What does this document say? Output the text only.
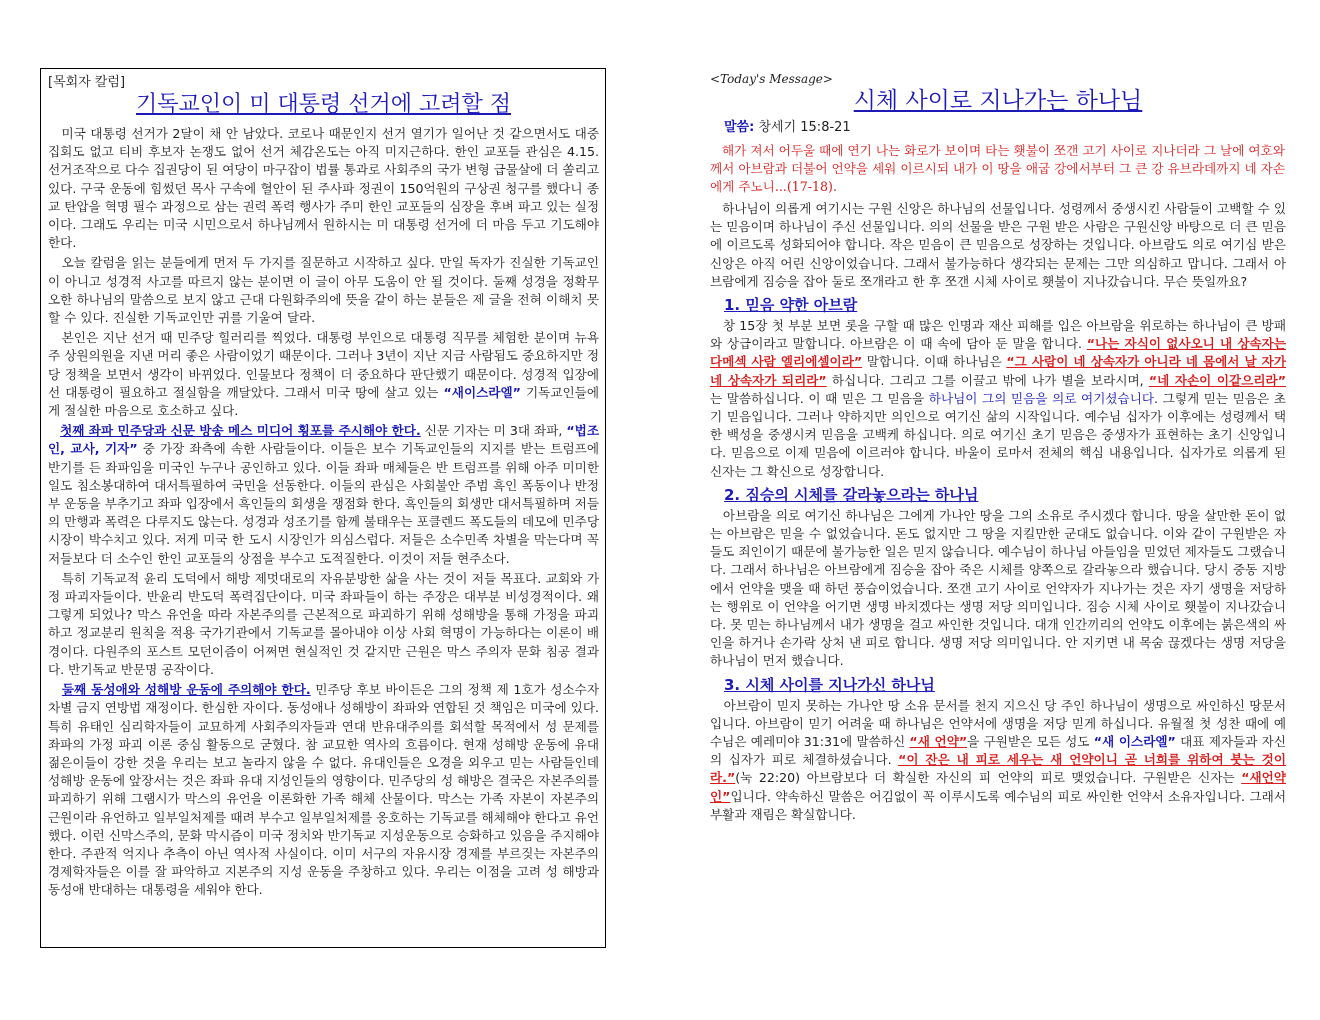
[목회자 칼럼]
기독교인이 미 대통령 선거에 고려할 점

미국 대통령 선거가 2달이 채 안 남았다. 코로나 때문인지 선거 열기가 일어난 것 같으면서도 대중 집회도 없고 티비 후보자 논쟁도 없어 선거 체감온도는 아직 미지근하다. 한인 교포들 관심은 4.15. 선거조작으로 다수 집권당이 된 여당이 마구잡이 법률 통과로 사회주의 국가 변형 급물살에 더 쏠리고 있다. 구국 운동에 힘썼던 목사 구속에 혈안이 된 주사파 정권이 150억원의 구상권 청구를 했다니 종교 탄압을 혁명 필수 과정으로 삼는 권력 폭력 행사가 주미 한인 교포들의 심장을 후벼 파고 있는 실정이다. 그래도 우리는 미국 시민으로서 하나님께서 원하시는 미 대통령 선거에 더 마음 두고 기도해야 한다.

오늘 칼럼을 읽는 분들에게 먼저 두 가지를 질문하고 시작하고 싶다. 만일 독자가 진실한 기독교인이 아니고 성경적 사고를 따르지 않는 분이면 이 글이 아무 도움이 안 될 것이다. 둘째 성경을 정확무오한 하나님의 말씀으로 보지 않고 근대 다원화주의에 뜻을 같이 하는 분들은 제 글을 전혀 이해치 못할 수 있다. 진실한 기독교인만 귀를 기울여 달라.

본인은 지난 선거 때 민주당 힐러리를 찍었다. 대통령 부인으로 대통령 직무를 체험한 분이며 뉴욕주 상원의원을 지낸 머리 좋은 사람이었기 때문이다. 그러나 3년이 지난 지금 사람됨도 중요하지만 정당 정책을 보면서 생각이 바뀌었다. 인물보다 정책이 더 중요하다 판단했기 때문이다. 성경적 입장에 선 대통령이 필요하고 절실함을 깨달았다. 그래서 미국 땅에 살고 있는 “새이스라엘” 기독교인들에게 절실한 마음으로 호소하고 싶다.

첫째 좌파 민주당과 신문 방송 메스 미디어 횡포를 주시해야 한다. 신문 기자는 미 3대 좌파, “법조인, 교사, 기자” 중 가장 좌측에 속한 사람들이다. 이들은 보수 기독교인들의 지지를 받는 트럼프에 반기를 든 좌파임을 미국인 누구나 공인하고 있다. 이들 좌파 매체들은 반 트럼프를 위해 아주 미미한 일도 침소봉대하여 대서특필하여 국민을 선동한다. 이들의 관심은 사회불안 주범 흑인 폭동이나 반정부 운동을 부추기고 좌파 입장에서 흑인들의 회생을 쟁점화 한다. 흑인들의 회생만 대서특필하며 저들의 만행과 폭력은 다루지도 않는다. 성경과 성조기를 함께 불태우는 포클렌드 폭도들의 데모에 민주당 시장이 박수치고 있다. 저게 미국 한 도시 시장인가 의심스럽다. 저들은 소수민족 차별을 막는다며 꼭 저들보다 더 소수인 한인 교포들의 상점을 부수고 도적질한다. 이것이 저들 현주소다.

특히 기독교적 윤리 도덕에서 해방 제멋대로의 자유분방한 삶을 사는 것이 저들 목표다. 교회와 가정 파괴자들이다. 반윤리 반도덕 폭력집단이다. 미국 좌파들이 하는 주장은 대부분 비성경적이다. 왜 그렇게 되었나? 막스 유언을 따라 자본주의를 근본적으로 파괴하기 위해 성해방을 통해 가정을 파괴하고 정교분리 원칙을 적용 국가기관에서 기독교를 몰아내야 이상 사회 혁명이 가능하다는 이론이 배경이다. 다원주의 포스트 모던이즘이 어쩌면 현실적인 것 같지만 근원은 막스 주의자 문화 침공 결과다. 반기독교 반문명 공작이다.

둘째 동성애와 성해방 운동에 주의해야 한다. 민주당 후보 바이든은 그의 정책 제 1호가 성소수자 차별 금지 연방법 재정이다. 한심한 자이다. 동성애나 성해방이 좌파와 연합된 것 책임은 미국에 있다. 특히 유태인 심리학자들이 교묘하게 사회주의자들과 연대 반유대주의를 회석할 목적에서 성 문제를 좌파의 가정 파괴 이론 중심 활동으로 굳혔다. 참 교묘한 역사의 흐름이다. 현재 성해방 운동에 유대 젊은이들이 강한 것을 우리는 보고 놀라지 않을 수 없다. 유대인들은 오경을 외우고 믿는 사람들인데 성해방 운동에 앞장서는 것은 좌파 유대 지성인들의 영향이다. 민주당의 성 해방은 결국은 자본주의를 파괴하기 위해 그램시가 막스의 유언을 이론화한 가족 해체 산물이다. 막스는 가족 자본이 자본주의 근원이라 유언하고 일부일처제를 때려 부수고 일부일처제를 옹호하는 기독교를 해체해야 한다고 유언했다. 이런 신막스주의, 문화 막시즘이 미국 정치와 반기독교 지성운동으로 승화하고 있음을 주지해야 한다. 주관적 억지나 추측이 아닌 역사적 사실이다. 이미 서구의 자유시장 경제를 부르짖는 자본주의 경제학자들은 이를 잘 파악하고 지본주의 지성 운동을 주창하고 있다. 우리는 이점을 고려 성 해방과 동성애 반대하는 대통령을 세워야 한다.

<Today's Message>
시체 사이로 지나가는 하나님
말씀: 창세기 15:8-21

해가 져서 어두울 때에 연기 나는 화로가 보이며 타는 횃불이 쪼갠 고기 사이로 지나더라 그 날에 여호와께서 아브람과 더불어 언약을 세워 이르시되 내가 이 땅을 애굽 강에서부터 그 큰 강 유브라데까지 네 자손에게 주노니...(17-18).

하나님이 의롭게 여기시는 구원 신앙은 하나님의 선물입니다. 성령께서 중생시킨 사람들이 고백할 수 있는 믿음이며 하나님이 주신 선물입니다. 의의 선물을 받은 구원 받은 사람은 구원신앙 바탕으로 더 큰 믿음에 이르도록 성화되어야 합니다. 작은 믿음이 큰 믿음으로 성장하는 것입니다. 아브람도 의로 여기심 받은 신앙은 아직 어린 신앙이었습니다. 그래서 불가능하다 생각되는 문제는 그만 의심하고 맙니다. 그래서 아브람에게 짐승을 잡아 둘로 쪼개라고 한 후 쪼갠 시체 사이로 횃불이 지나갔습니다. 무슨 뜻일까요?

1. 믿음 약한 아브람

창 15장 첫 부분 보면 롯을 구할 때 많은 인명과 재산 피해를 입은 아브람을 위로하는 하나님이 큰 방패와 상급이라고 말합니다. 아브람은 이 때 속에 담아 둔 말을 합니다. “나는 자식이 없사오니 내 상속자는 다메섹 사람 엘리에셀이라” 말합니다. 이때 하나님은 “그 사람이 네 상속자가 아니라 네 몸에서 날 자가 네 상속자가 되리라” 하십니다. 그리고 그를 이끌고 밖에 나가 별을 보라시며, “네 자손이 이같으리라” 는 말씀하십니다. 이 때 믿은 그 믿음을 하나님이 그의 믿음을 의로 여기셨습니다. 그렇게 믿는 믿음은 초기 믿음입니다. 그러나 약하지만 의인으로 여기신 삶의 시작입니다. 예수님 십자가 이후에는 성령께서 택한 백성을 중생시켜 믿음을 고백케 하십니다. 의로 여기신 초기 믿음은 중생자가 표현하는 초기 신앙입니다. 믿음으로 이제 믿음에 이르러야 합니다. 바울이 로마서 전체의 핵심 내용입니다. 십자가로 의롭게 된 신자는 그 확신으로 성장합니다.

2. 짐승의 시체를 갈라놓으라는 하나님

아브람을 의로 여기신 하나님은 그에게 가나안 땅을 그의 소유로 주시겠다 합니다. 땅을 살만한 돈이 없는 아브람은 믿을 수 없었습니다. 돈도 없지만 그 땅을 지킬만한 군대도 없습니다. 이와 같이 구원받은 자들도 죄인이기 때문에 불가능한 일은 믿지 않습니다. 예수님이 하나님 아들임을 믿었던 제자들도 그랬습니다. 그래서 하나님은 아브람에게 짐승을 잡아 죽은 시체를 양쪽으로 갈라놓으라 했습니다. 당시 중동 지방에서 언약을 맺을 때 하던 풍습이었습니다. 쪼갠 고기 사이로 언약자가 지나가는 것은 자기 생명을 저당하는 행위로 이 언약을 어기면 생명 바치겠다는 생명 저당 의미입니다. 짐승 시체 사이로 횃불이 지나갔습니다. 못 믿는 하나님께서 내가 생명을 걸고 싸인한 것입니다. 대개 인간끼리의 언약도 이후에는 붉은색의 싸인을 하거나 손가락 상처 낸 피로 합니다. 생명 저당 의미입니다. 안 지키면 내 목숨 끊겠다는 생명 저당을 하나님이 먼저 했습니다.

3. 시체 사이를 지나가신 하나님

아브람이 믿지 못하는 가나안 땅 소유 문서를 천지 지으신 당 주인 하나님이 생명으로 싸인하신 땅문서입니다. 아브람이 믿기 어려울 때 하나님은 언약서에 생명을 저당 믿게 하십니다. 유월절 첫 성찬 때에 예수님은 예레미야 31:31에 말씀하신 “새 언약”을 구원받은 모든 성도 “새 이스라엘” 대표 제자들과 자신의 십자가 피로 체결하셨습니다. “이 잔은 내 피로 세우는 새 언약이니 곧 너희를 위하여 붓는 것이라.”(눅 22:20) 아브람보다 더 확실한 자신의 피 언약의 피로 맺었습니다. 구원받은 신자는 “새언약인”입니다. 약속하신 말씀은 어김없이 꼭 이루시도록 예수님의 피로 싸인한 언약서 소유자입니다. 그래서 부활과 재림은 확실합니다.
